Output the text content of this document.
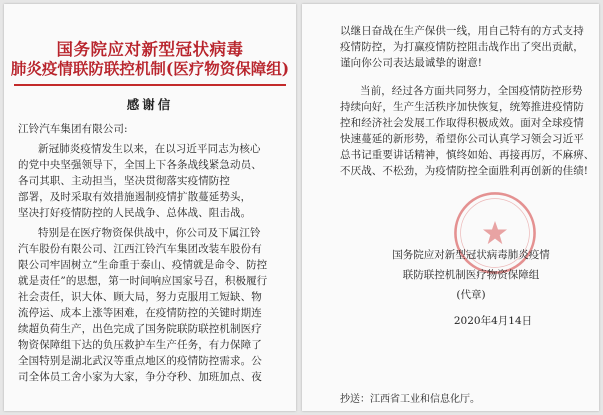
国务院应对新型冠状病毒
肺炎疫情联防联控机制(医疗物资保障组)
感谢信
江铃汽车集团有限公司:
新冠肺炎疫情发生以来，在以习近平同志为核心
的党中央坚强领导下，全国上下各条战线紧急动员、
各司其职、主动担当，坚决贯彻落实疫情防控
部署，及时采取有效措施遏制疫情扩散蔓延势头，
坚决打好疫情防控的人民战争、总体战、阻击战。
特别是在医疗物资保供战中，你公司及下属江铃
汽车股份有限公司、江西江铃汽车集团改装车股份有
限公司牢固树立“生命重于泰山、疫情就是命令、防控
就是责任”的思想，第一时间响应国家号召，积极履行
社会责任，识大体、顾大局，努力克服用工短缺、物
流停运、成本上涨等困难，在疫情防控的关键时期连
续超负荷生产，出色完成了国务院联防联控机制医疗
物资保障组下达的负压救护车生产任务，有力保障了
全国特别是湖北武汉等重点地区的疫情防控需求。公
司全体员工舍小家为大家，争分夺秒、加班加点、夜
以继日奋战在生产保供一线，用自己特有的方式支持
疫情防控，为打赢疫情防控阻击战作出了突出贡献，
谨向你公司表达最诚挚的谢意!
当前，经过各方面共同努力，全国疫情防控形势
持续向好，生产生活秩序加快恢复，统筹推进疫情防
控和经济社会发展工作取得积极成效。面对全球疫情
快速蔓延的新形势，希望你公司认真学习领会习近平
总书记重要讲话精神，慎终如始、再接再厉，不麻痹、
不厌战、不松劲，为疫情防控全面胜利再创新的佳绩!
国务院应对新型冠状病毒肺炎疫情
联防联控机制医疗物资保障组
(代章)
2020年4月14日
抄送：江西省工业和信息化厅。
